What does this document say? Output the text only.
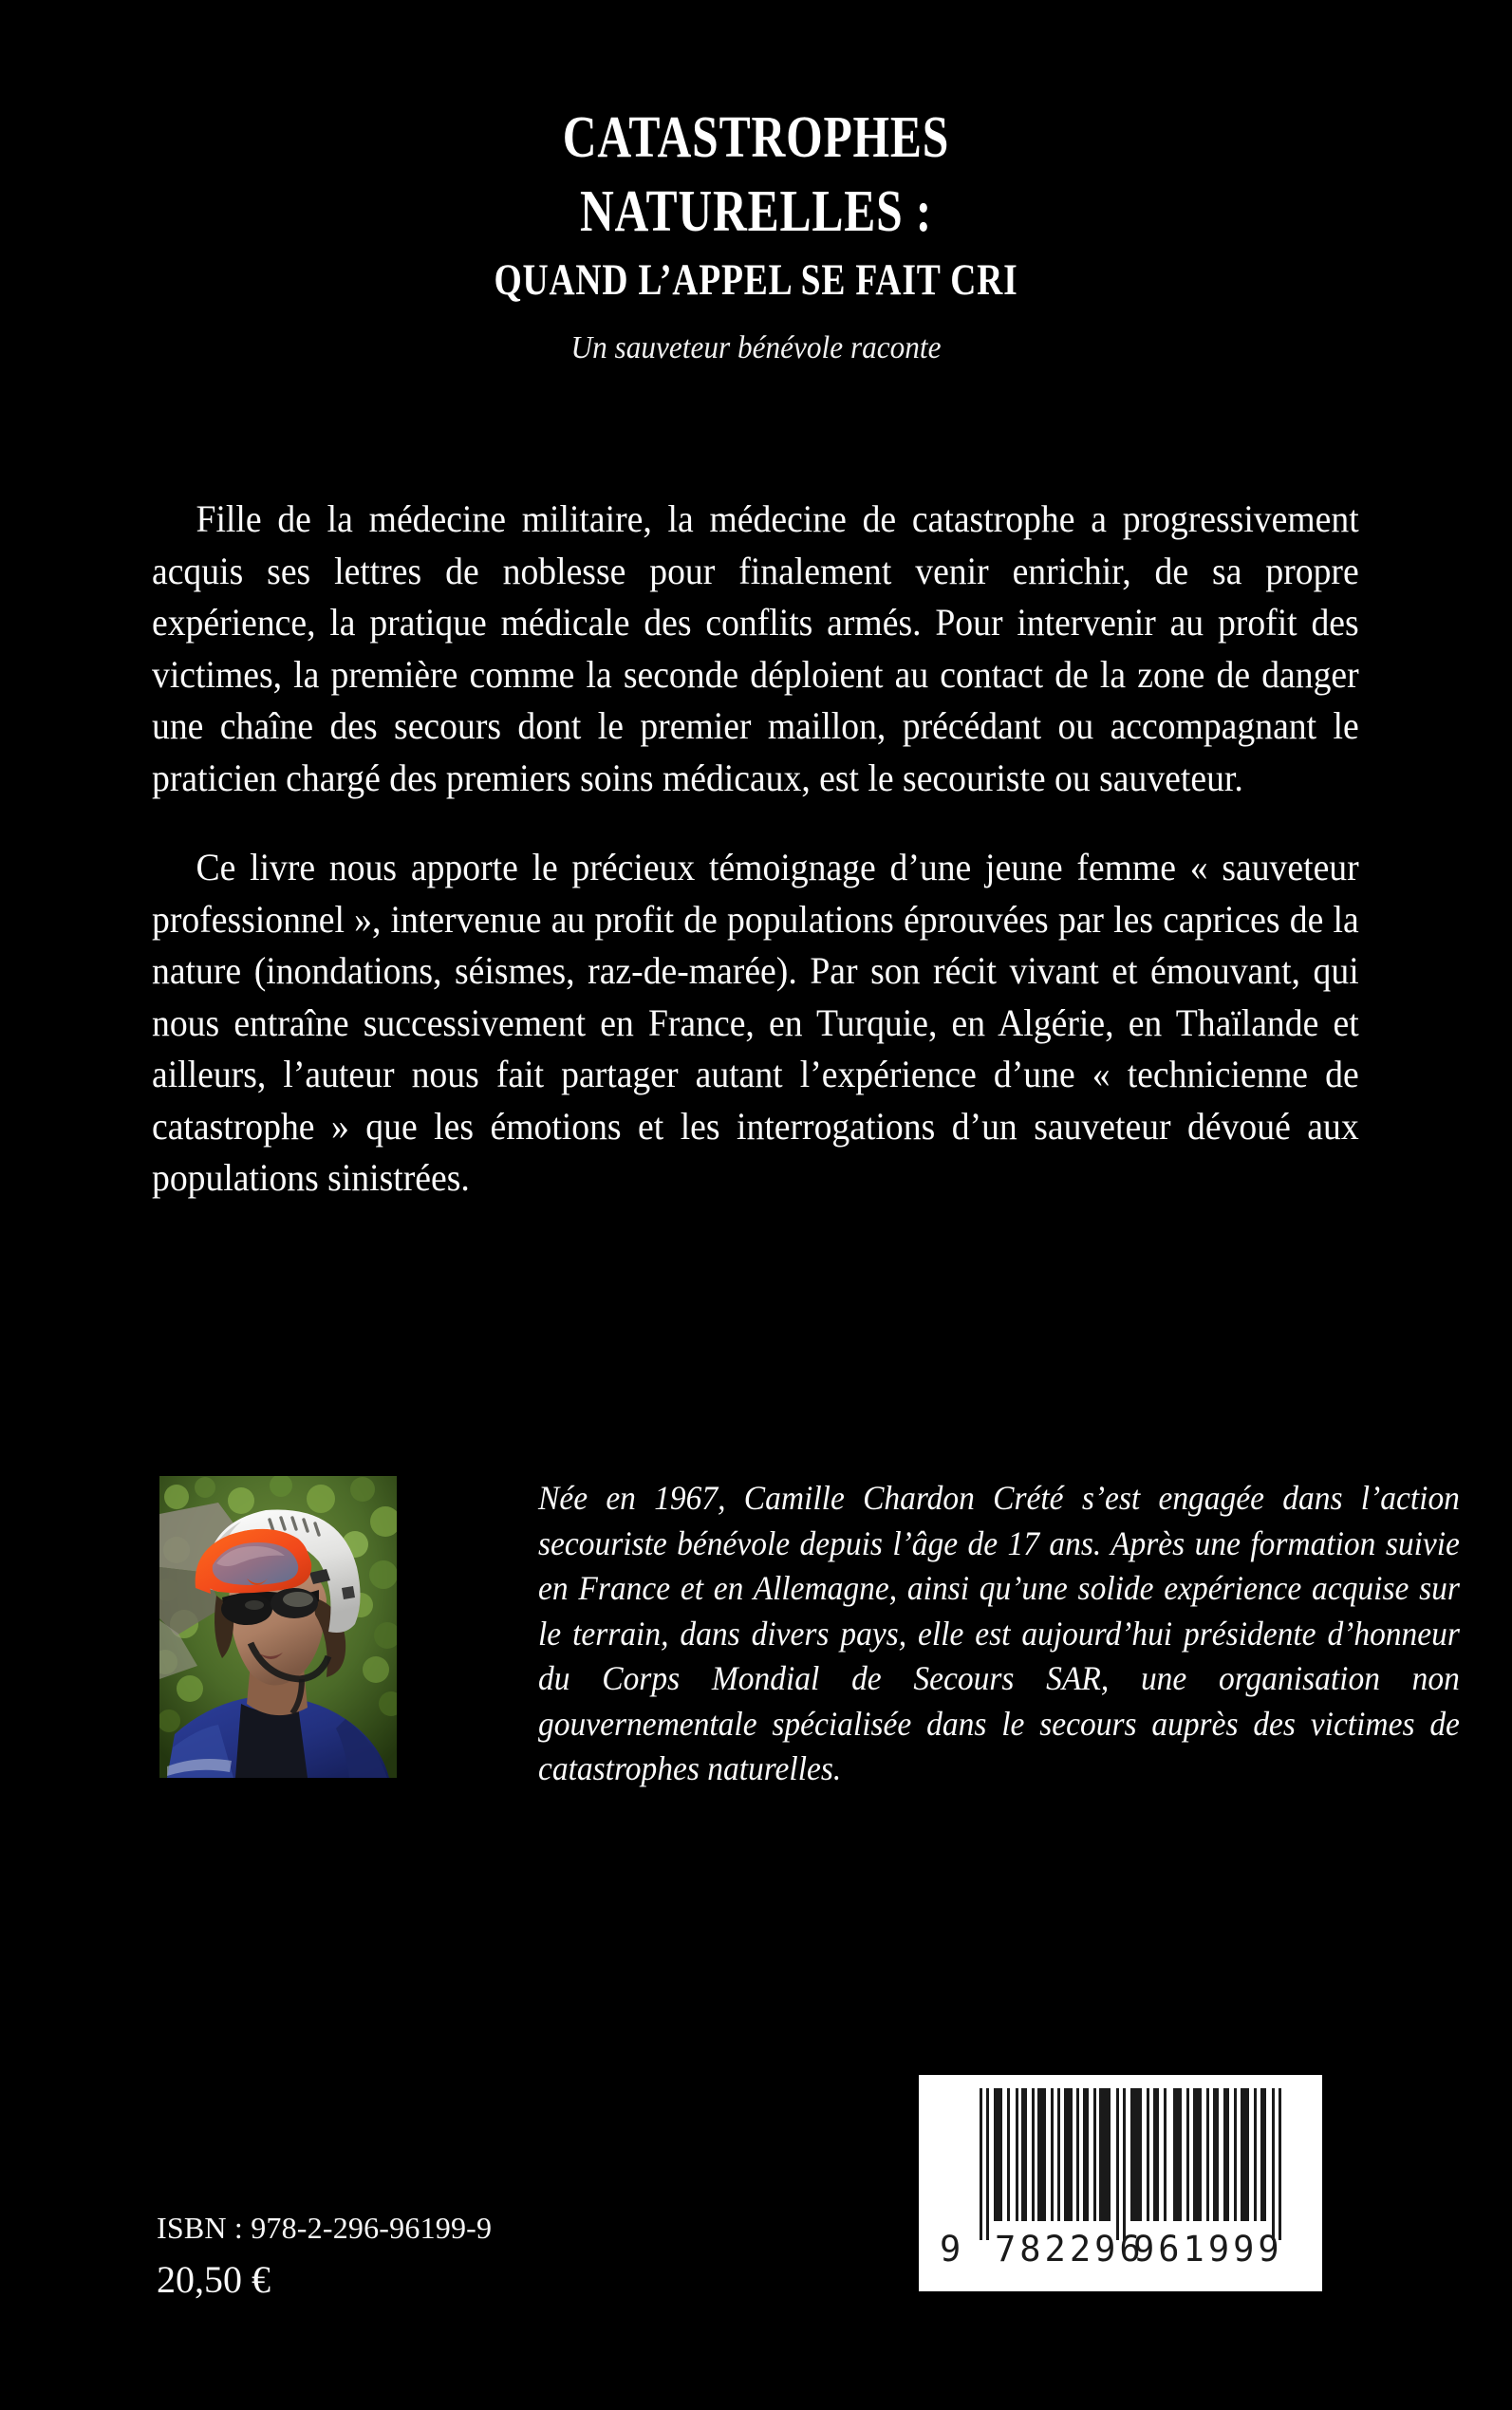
CATASTROPHES
NATURELLES :
QUAND L’APPEL SE FAIT CRI
Un sauveteur bénévole raconte

Fille de la médecine militaire, la médecine de catastrophe a progressivement acquis ses lettres de noblesse pour finalement venir enrichir, de sa propre expérience, la pratique médicale des conflits armés. Pour intervenir au profit des victimes, la première comme la seconde déploient au contact de la zone de danger une chaîne des secours dont le premier maillon, précédant ou accompagnant le praticien chargé des premiers soins médicaux, est le secouriste ou sauveteur.

Ce livre nous apporte le précieux témoignage d’une jeune femme « sauveteur professionnel », intervenue au profit de populations éprouvées par les caprices de la nature (inondations, séismes, raz-de-marée). Par son récit vivant et émouvant, qui nous entraîne successivement en France, en Turquie, en Algérie, en Thaïlande et ailleurs, l’auteur nous fait partager autant l’expérience d’une « technicienne de catastrophe » que les émotions et les interrogations d’un sauveteur dévoué aux populations sinistrées.

Née en 1967, Camille Chardon Crété s’est engagée dans l’action secouriste bénévole depuis l’âge de 17 ans. Après une formation suivie en France et en Allemagne, ainsi qu’une solide expérience acquise sur le terrain, dans divers pays, elle est aujourd’hui présidente d’honneur du Corps Mondial de Secours SAR, une organisation non gouvernementale spécialisée dans le secours auprès des victimes de catastrophes naturelles.

ISBN : 978-2-296-96199-9
20,50 €
9 782296
961999
